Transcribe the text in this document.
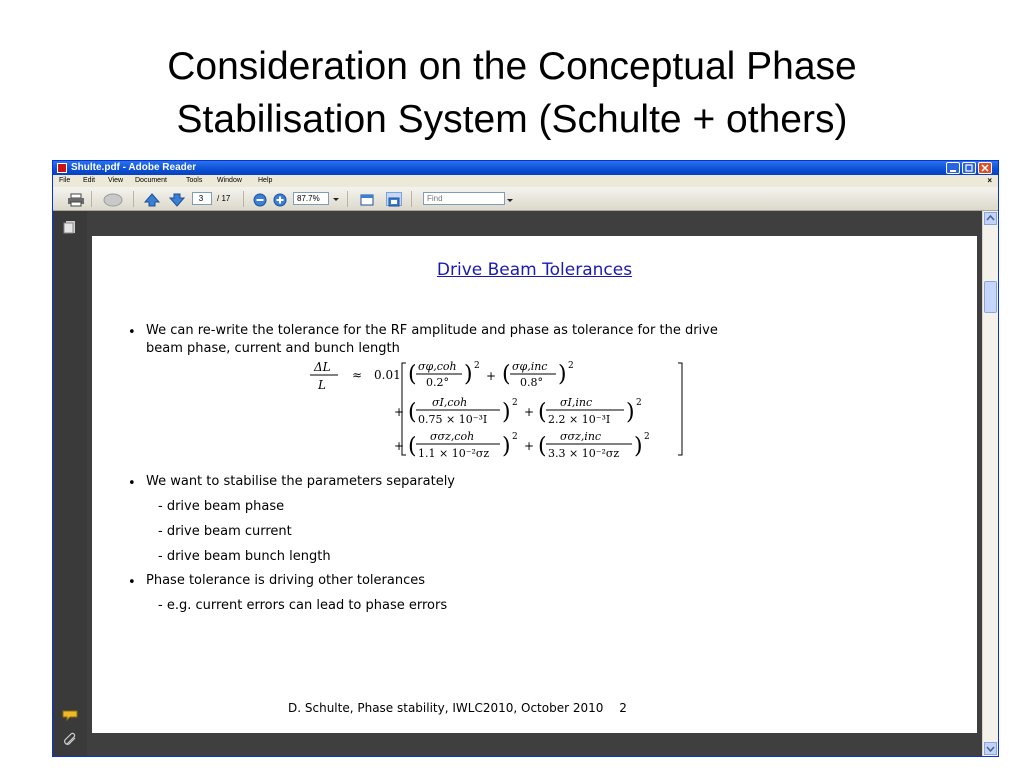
Consideration on the Conceptual Phase
Stabilisation System (Schulte + others)
Shulte.pdf - Adobe Reader
File Edit View Document	Tools Window Help	×
3
/ 17
87.7%
Find
Drive Beam Tolerances
• We can re-write the tolerance for the RF amplitude and phase as tolerance for the drive
beam phase, current and bunch length
ΔL
L
≈ 0.01 ( σφ,coh
0.2° ) 2
+ ( σφ,inc
0.8° ) 2
+ ( σI,coh
0.75 × 10⁻³I ) 2
+ ( σI,inc
2.2 × 10⁻³I ) 2
+ ( σσz,coh
1.1 × 10⁻²σz ) 2
+ ( σσz,inc
3.3 × 10⁻²σz ) 2
• We want to stabilise the parameters separately
- drive beam phase
- drive beam current
- drive beam bunch length
• Phase tolerance is driving other tolerances
- e.g. current errors can lead to phase errors
D. Schulte, Phase stability, IWLC2010, October 2010 2
